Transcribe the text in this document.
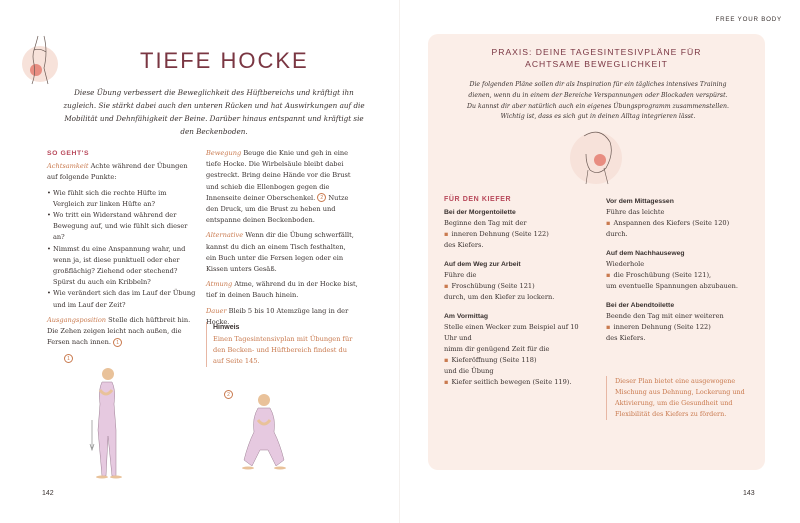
TIEFE HOCKE
Diese Übung verbessert die Beweglichkeit des Hüftbereichs und kräftigt ihn zugleich. Sie stärkt dabei auch den unteren Rücken und hat Auswirkungen auf die Mobilität und Dehnfähigkeit der Beine. Darüber hinaus entspannt und kräftigt sie den Beckenboden.
SO GEHT'S
Achtsamkeit Achte während der Übungen auf folgende Punkte:
• Wie fühlt sich die rechte Hüfte im Vergleich zur linken Hüfte an?
• Wo tritt ein Widerstand während der Bewegung auf, und wie fühlt sich dieser an?
• Nimmst du eine Anspannung wahr, und wenn ja, ist diese punktuell oder eher großflächig? Ziehend oder stechend? Spürst du auch ein Kribbeln?
• Wie verändert sich das im Lauf der Übung und im Lauf der Zeit?
Ausgangsposition Stelle dich hüftbreit hin. Die Zehen zeigen leicht nach außen, die Fersen nach innen. 1
Bewegung Beuge die Knie und geh in eine tiefe Hocke. Die Wirbelsäule bleibt dabei gestreckt. Bring deine Hände vor die Brust und schieb die Ellenbogen gegen die Innenseite deiner Oberschenkel. 2 Nutze den Druck, um die Brust zu heben und entspanne deinen Beckenboden.
Alternative Wenn dir die Übung schwerfällt, kannst du dich an einem Tisch festhalten, ein Buch unter die Fersen legen oder ein Kissen unters Gesäß.
Atmung Atme, während du in der Hocke bist, tief in deinen Bauch hinein.
Dauer Bleib 5 bis 10 Atemzüge lang in der Hocke.
Hinweis
Einen Tagesintensivplan mit Übungen für den Becken- und Hüftbereich findest du auf Seite 145.
1
2
142	143
FREE YOUR BODY
PRAXIS: DEINE TAGESINTESIVPLÄNE FÜR
ACHTSAME BEWEGLICHKEIT
Die folgenden Pläne sollen dir als Inspiration für ein tägliches intensives Training dienen, wenn du in einem der Bereiche Verspannungen oder Blockaden verspürst. Du kannst dir aber natürlich auch ein eigenes Übungsprogramm zusammenstellen. Wichtig ist, dass es sich gut in deinen Alltag integrieren lässt.
FÜR DEN KIEFER
Bei der Morgentoilette
Beginne den Tag mit der
▪ inneren Dehnung (Seite 122)
des Kiefers.
Auf dem Weg zur Arbeit
Führe die
▪ Froschübung (Seite 121)
durch, um den Kiefer zu lockern.
Am Vormittag
Stelle einen Wecker zum Beispiel auf 10 Uhr und
nimm dir genügend Zeit für die
▪ Kieferöffnung (Seite 118)
und die Übung
▪ Kiefer seitlich bewegen (Seite 119).
Vor dem Mittagessen
Führe das leichte
▪ Anspannen des Kiefers (Seite 120)
durch.
Auf dem Nachhauseweg
Wiederhole
▪ die Froschübung (Seite 121),
um eventuelle Spannungen abzubauen.
Bei der Abendtoilette
Beende den Tag mit einer weiteren
▪ inneren Dehnung (Seite 122)
des Kiefers.
Dieser Plan bietet eine ausgewogene Mischung aus Dehnung, Lockerung und Aktivierung, um die Gesundheit und Flexibilität des Kiefers zu fördern.
